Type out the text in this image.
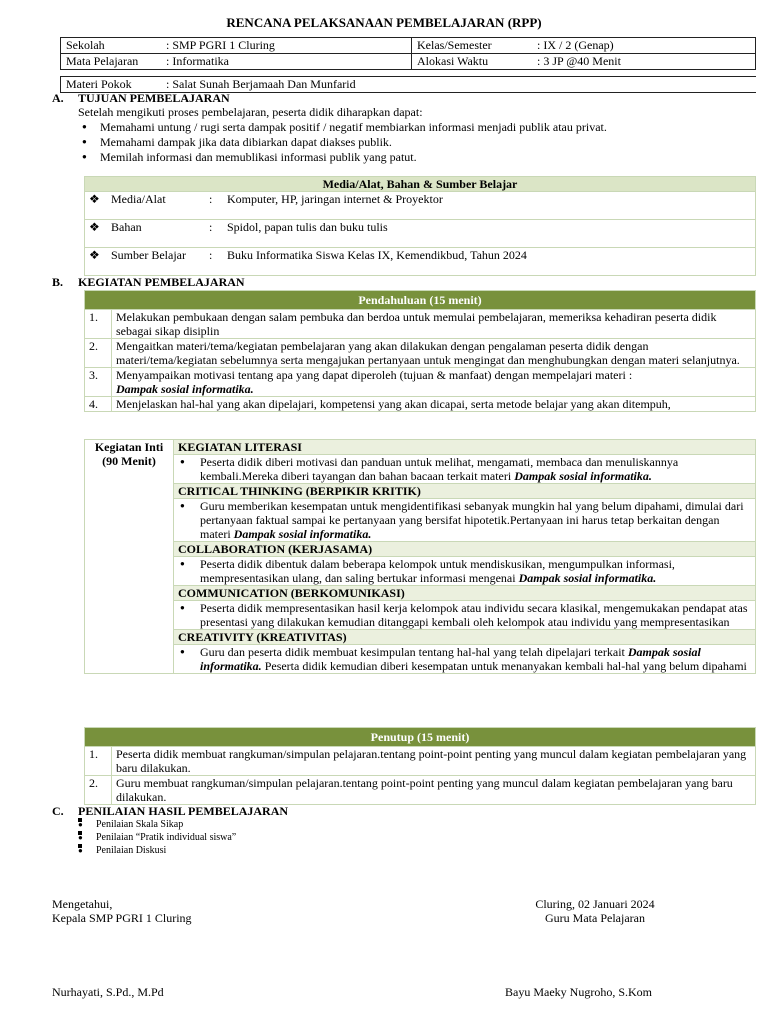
RENCANA PELAKSANAAN PEMBELAJARAN (RPP)
Sekolah	: SMP PGRI 1 Cluring	Kelas/Semester	: IX / 2 (Genap)
Mata Pelajaran	: Informatika	Alokasi Waktu	: 3 JP @40 Menit

Materi Pokok	: Salat Sunah Berjamaah Dan Munfarid		
A. TUJUAN PEMBELAJARAN
Setelah mengikuti proses pembelajaran, peserta didik diharapkan dapat:
● Memahami untung / rugi serta dampak positif / negatif membiarkan informasi menjadi publik atau privat.
● Memahami dampak jika data dibiarkan dapat diakses publik.
● Memilah informasi dan memublikasi informasi publik yang patut.
Media/Alat, Bahan & Sumber Belajar			
❖	Media/Alat	:	Komputer, HP, jaringan internet & Proyektor
❖	Bahan	:	Spidol, papan tulis dan buku tulis
❖	Sumber Belajar	:	Buku Informatika Siswa Kelas IX, Kemendikbud, Tahun 2024
B. KEGIATAN PEMBELAJARAN
Pendahuluan (15 menit)	
1.	Melakukan pembukaan dengan salam pembuka dan berdoa untuk memulai pembelajaran, memeriksa kehadiran peserta didik sebagai sikap disiplin
2.	Mengaitkan materi/tema/kegiatan pembelajaran yang akan dilakukan dengan pengalaman peserta didik dengan materi/tema/kegiatan sebelumnya serta mengajukan pertanyaan untuk mengingat dan menghubungkan dengan materi selanjutnya.
3.	Menyampaikan motivasi tentang apa yang dapat diperoleh (tujuan & manfaat) dengan mempelajari materi :
Dampak sosial informatika.
4.	Menjelaskan hal-hal yang akan dipelajari, kompetensi yang akan dicapai, serta metode belajar yang akan ditempuh,
Kegiatan Inti (90 Menit)	KEGIATAN LITERASI

● Peserta didik diberi motivasi dan panduan untuk melihat, mengamati, membaca dan menuliskannya kembali.Mereka diberi tayangan dan bahan bacaan terkait materi Dampak sosial informatika.

CRITICAL THINKING (BERPIKIR KRITIK)

● Guru memberikan kesempatan untuk mengidentifikasi sebanyak mungkin hal yang belum dipahami, dimulai dari pertanyaan faktual sampai ke pertanyaan yang bersifat hipotetik.Pertanyaan ini harus tetap berkaitan dengan materi Dampak sosial informatika.

COLLABORATION (KERJASAMA)

● Peserta didik dibentuk dalam beberapa kelompok untuk mendiskusikan, mengumpulkan informasi, mempresentasikan ulang, dan saling bertukar informasi mengenai Dampak sosial informatika.

COMMUNICATION (BERKOMUNIKASI)

● Peserta didik mempresentasikan hasil kerja kelompok atau individu secara klasikal, mengemukakan pendapat atas presentasi yang dilakukan kemudian ditanggapi kembali oleh kelompok atau individu yang mempresentasikan

CREATIVITY (KREATIVITAS)

● Guru dan peserta didik membuat kesimpulan tentang hal-hal yang telah dipelajari terkait Dampak sosial informatika. Peserta didik kemudian diberi kesempatan untuk menanyakan kembali hal-hal yang belum dipahami
Penutup (15 menit)	
1.	Peserta didik membuat rangkuman/simpulan pelajaran.tentang point-point penting yang muncul dalam kegiatan pembelajaran yang baru dilakukan.
2.	Guru membuat rangkuman/simpulan pelajaran.tentang point-point penting yang muncul dalam kegiatan pembelajaran yang baru dilakukan.
C. PENILAIAN HASIL PEMBELAJARAN
● Penilaian Skala Sikap
● Penilaian “Pratik individual siswa”
● Penilaian Diskusi
Mengetahui,
Kepala SMP PGRI 1 Cluring
Nurhayati, S.Pd., M.Pd
Cluring, 02 Januari 2024
Guru Mata Pelajaran
Bayu Maeky Nugroho, S.Kom
